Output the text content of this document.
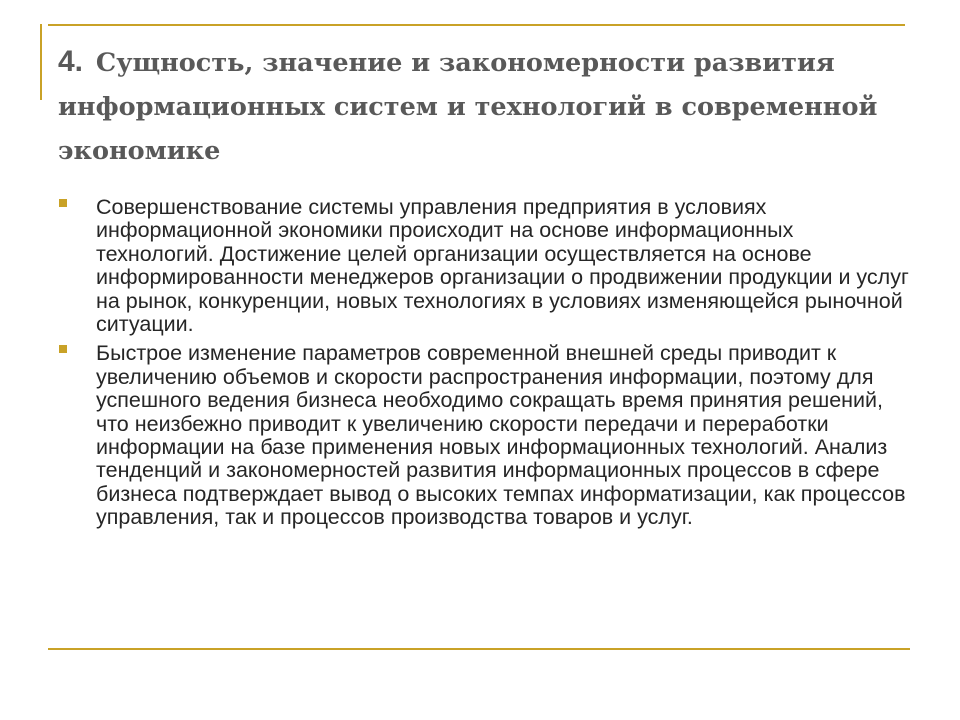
4. Сущность, значение и закономерности развития информационных систем и технологий в современной экономике
Совершенствование системы управления предприятия в условиях информационной экономики происходит на основе информационных технологий. Достижение целей организации осуществляется на основе информированности менеджеров организации о продвижении продукции и услуг на рынок, конкуренции, новых технологиях в условиях изменяющейся рыночной ситуации.
Быстрое изменение параметров современной внешней среды приводит к увеличению объемов и скорости распространения информации, поэтому для успешного ведения бизнеса необходимо сокращать время принятия решений, что неизбежно приводит к увеличению скорости передачи и переработки информации на базе применения новых информационных технологий. Анализ тенденций и закономерностей развития информационных процессов в сфере бизнеса подтверждает вывод о высоких темпах информатизации, как процессов управления, так и процессов производства товаров и услуг.
